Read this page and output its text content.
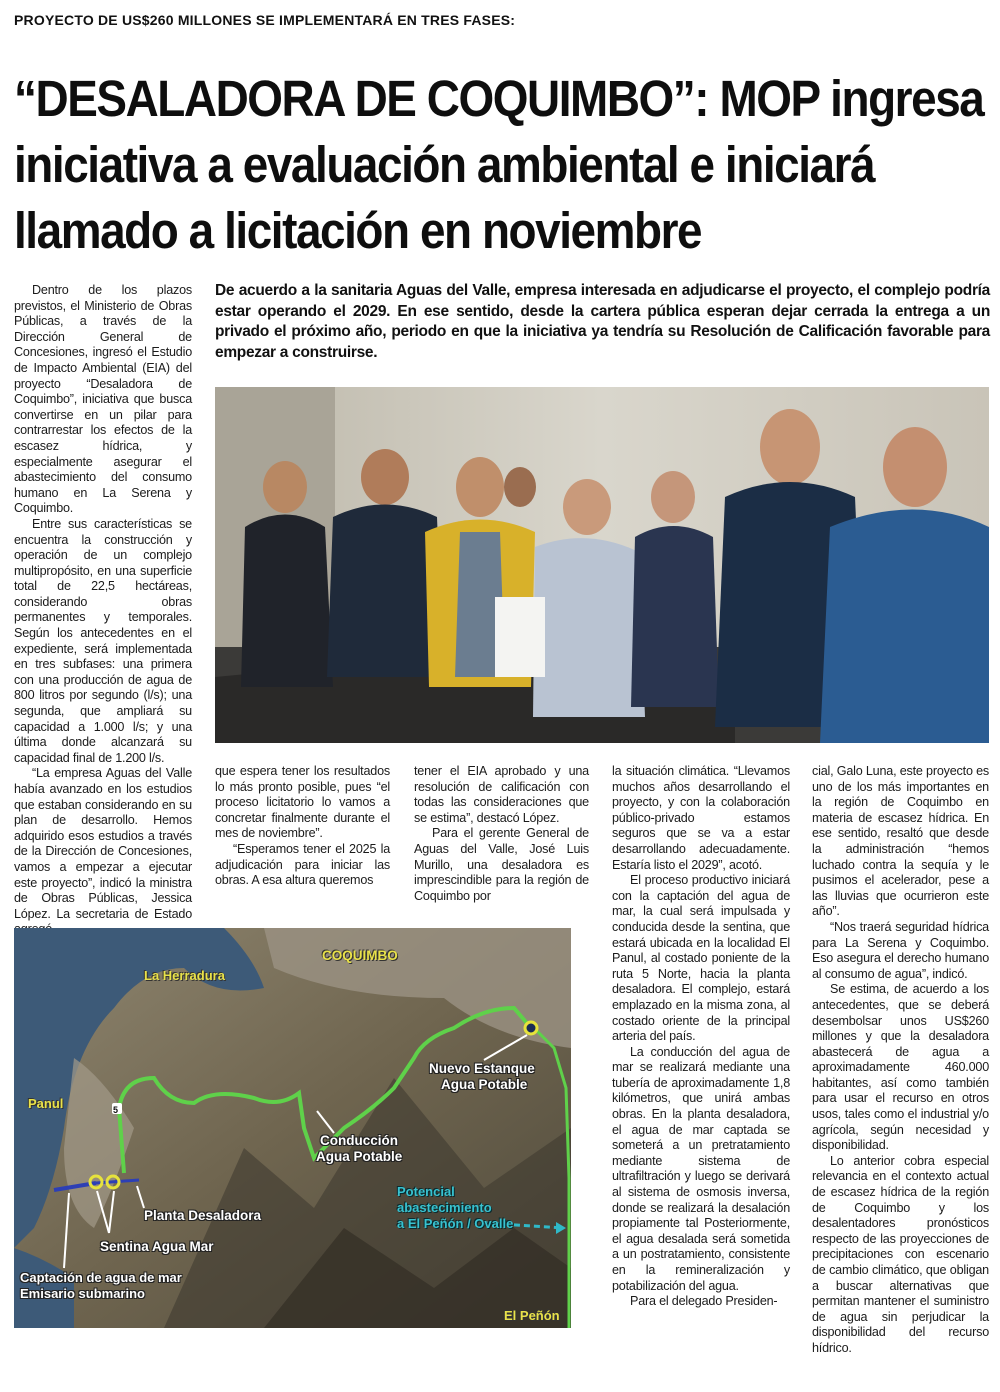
PROYECTO DE US$260 MILLONES SE IMPLEMENTARÁ EN TRES FASES:
“DESALADORA DE COQUIMBO”: MOP ingresa
iniciativa a evaluación ambiental e iniciará
llamado a licitación en noviembre
De acuerdo a la sanitaria Aguas del Valle, empresa interesada en adjudicarse el proyecto, el complejo podría estar operando el 2029. En ese sentido, desde la cartera pública esperan dejar cerrada la entrega a un privado el próximo año, periodo en que la iniciativa ya tendría su Resolución de Calificación favorable para empezar a construirse.

Dentro de los plazos previstos, el Ministerio de Obras Públicas, a través de la Dirección General de Concesiones, ingresó el Estudio de Impacto Ambiental (EIA) del proyecto “Desaladora de Coquimbo”, iniciativa que busca convertirse en un pilar para contrarrestar los efectos de la escasez hídrica, y especialmente asegurar el abastecimiento del consumo humano en La Serena y Coquimbo.

Entre sus características se encuentra la construcción y operación de un complejo multipropósito, en una superficie total de 22,5 hectáreas, considerando obras permanentes y temporales. Según los antecedentes en el expediente, será implementada en tres subfases: una primera con una producción de agua de 800 litros por segundo (l/s); una segunda, que ampliará su capacidad a 1.000 l/s; y una última donde alcanzará su capacidad final de 1.200 l/s.

“La empresa Aguas del Valle había avanzado en los estudios que estaban considerando en su plan de desarrollo. Hemos adquirido esos estudios a través de la Dirección de Concesiones, vamos a empezar a ejecutar este proyecto”, indicó la ministra de Obras Públicas, Jessica López. La secretaria de Estado

que espera tener los resultados lo más pronto posible, pues “el proceso licitatorio lo vamos a concretar finalmente durante el mes de noviembre”.

“Esperamos tener el 2025 la adjudicación para iniciar las obras. A esa altura queremos

tener el EIA aprobado y una resolución de calificación con todas las consideraciones que se estima”, destacó López.

Para el gerente General de Aguas del Valle, José Luis Murillo, una desaladora es imprescindible para la región de Coquimbo por

la situación climática. “Llevamos muchos años desarrollando el proyecto, y con la colaboración público-privado estamos seguros que se va a estar desarrollando adecuadamente. Estaría listo el 2029”, acotó.

El proceso productivo iniciará con la captación del agua de mar, la cual será impulsada y conducida desde la sentina, que estará ubicada en la localidad El Panul, al costado poniente de la ruta 5 Norte, hacia la planta desaladora. El complejo, estará emplazado en la misma zona, al costado oriente de la principal arteria del país.

La conducción del agua de mar se realizará mediante una tubería de aproximadamente 1,8 kilómetros, que unirá ambas obras. En la planta desaladora, el agua de mar captada se someterá a un pretratamiento mediante sistema de ultrafiltración y luego se derivará al sistema de osmosis inversa, donde se realizará la desalación propiamente tal Posteriormente, el agua desalada será sometida a un postratamiento, consistente en la remineralización y potabilización del agua.

Para el delegado Presiden-

cial, Galo Luna, este proyecto es uno de los más importantes en la región de Coquimbo en materia de escasez hídrica. En ese sentido, resaltó que desde la administración “hemos luchado contra la sequía y le pusimos el acelerador, pese a las lluvias que ocurrieron este año”.

“Nos traerá seguridad hídrica para La Serena y Coquimbo. Eso asegura el derecho humano al consumo de agua”, indicó.

Se estima, de acuerdo a los antecedentes, que se deberá desembolsar unos US$260 millones y que la desaladora abastecerá de agua a aproximadamente 460.000 habitantes, así como también para usar el recurso en otros usos, tales como el industrial y/o agrícola, según necesidad y disponibilidad.

Lo anterior cobra especial relevancia en el contexto actual de escasez hídrica de la región de Coquimbo y los desalentadores pronósticos respecto de las proyecciones de precipitaciones con escenario de cambio climático, que obligan a buscar alternativas que permitan mantener el suministro de agua sin perjudicar la disponibilidad del recurso hídrico.

COQUIMBO
La Herradura
Panul	5
Nuevo Estanque
Agua Potable
Conducción
Agua Potable
Potencial
abastecimiento
a El Peñón / Ovalle
Planta Desaladora
Sentina Agua Mar
Captación de agua de mar
Emisario submarino
El Peñón
